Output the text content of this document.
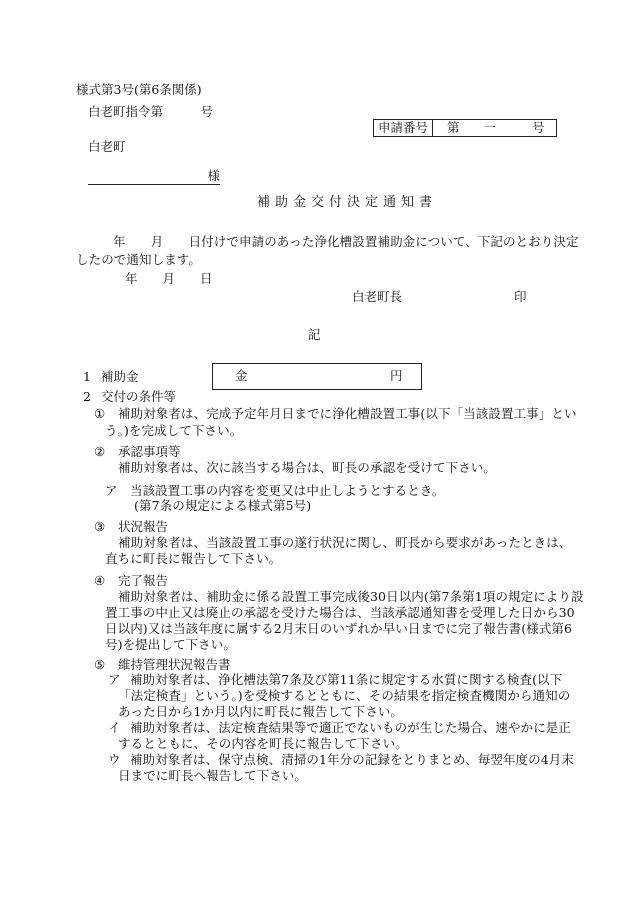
様式第3号(第6条関係)
白老町指令第　　　号
申請番号	第 一	号
白老町
様
補助金交付決定通知書
年　　月　　日付けで申請のあった浄化槽設置補助金について、下記のとおり決定
したので通知します。
年　　月　　日
白老町長	印
記
1 補助金	金	円
2 交付の条件等
① 補助対象者は、完成予定年月日までに浄化槽設置工事(以下「当該設置工事」とい
う。)を完成して下さい。
② 承認事項等
補助対象者は、次に該当する場合は、町長の承認を受けて下さい。
ア 当該設置工事の内容を変更又は中止しようとするとき。
(第7条の規定による様式第5号)
③ 状況報告
補助対象者は、当該設置工事の遂行状況に関し、町長から要求があったときは、
直ちに町長に報告して下さい。
④ 完了報告
補助対象者は、補助金に係る設置工事完成後30日以内(第7条第1項の規定により設
置工事の中止又は廃止の承認を受けた場合は、当該承認通知書を受理した日から30
日以内)又は当該年度に属する2月末日のいずれか早い日までに完了報告書(様式第6
号)を提出して下さい。
⑤ 維持管理状況報告書
ア 補助対象者は、浄化槽法第7条及び第11条に規定する水質に関する検査(以下
「法定検査」という。)を受検するとともに、その結果を指定検査機関から通知の
あった日から1か月以内に町長に報告して下さい。
イ 補助対象者は、法定検査結果等で適正でないものが生じた場合、速やかに是正
するとともに、その内容を町長に報告して下さい。
ウ 補助対象者は、保守点検、清掃の1年分の記録をとりまとめ、毎翌年度の4月末
日までに町長へ報告して下さい。
